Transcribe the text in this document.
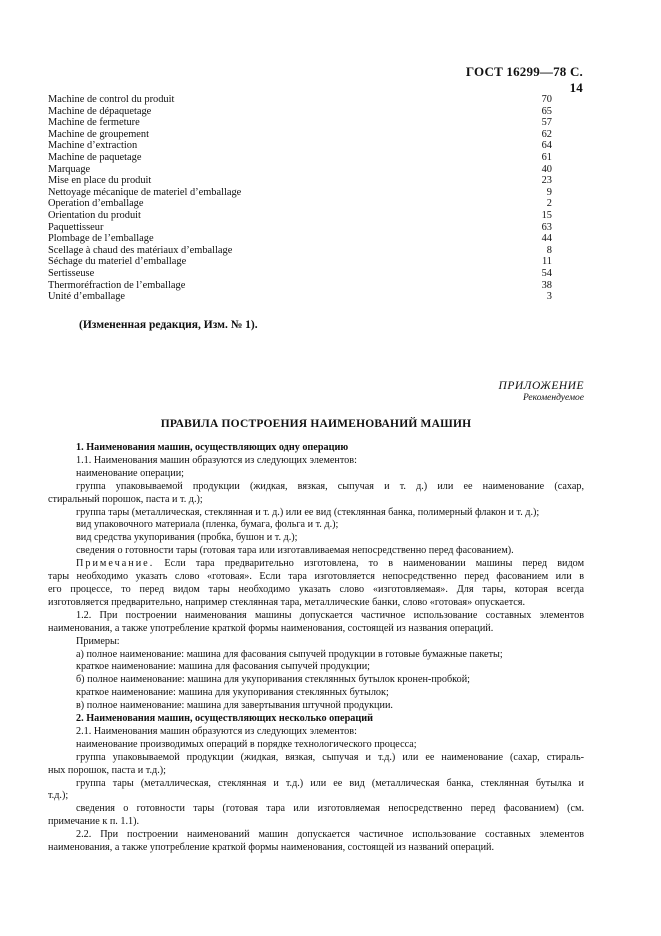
ГОСТ 16299—78 С. 14
Machine de control du produit	70
Machine de dépaquetage	65
Machine de fermeture	57
Machine de groupement	62
Machine d’extraction	64
Machine de paquetage	61
Marquage	40
Mise en place du produit	23
Nettoyage mécanique de materiel d’emballage	9
Operation d’emballage	2
Orientation du produit	15
Paquettisseur	63
Plombage de l’emballage	44
Scellage à chaud des matériaux d’emballage	8
Séchage du materiel d’emballage	11
Sertisseuse	54
Thermoréfraction de l’emballage	38
Unité d’emballage	3
(Измененная редакция, Изм. № 1).
ПРИЛОЖЕНИЕ
Рекомендуемое
ПРАВИЛА ПОСТРОЕНИЯ НАИМЕНОВАНИЙ МАШИН

1. Наименования машин, осуществляющих одну операцию

1.1. Наименования машин образуются из следующих элементов:

наименование операции;

группа упаковываемой продукции (жидкая, вязкая, сыпучая и т. д.) или ее наименование (сахар,

стиральный порошок, паста и т. д.);

группа тары (металлическая, стеклянная и т. д.) или ее вид (стеклянная банка, полимерный флакон и т. д.);

вид упаковочного материала (пленка, бумага, фольга и т. д.);

вид средства укупоривания (пробка, бушон и т. д.);

сведения о готовности тары (готовая тара или изготавливаемая непосредственно перед фасованием).

Примечание. Если тара предварительно изготовлена, то в наименовании машины перед видом

тары необходимо указать слово «готовая». Если тара изготовляется непосредственно перед фасованием или в

его процессе, то перед видом тары необходимо указать слово «изготовляемая». Для тары, которая всегда

изготовляется предварительно, например стеклянная тара, металлические банки, слово «готовая» опускается.

1.2. При построении наименования машины допускается частичное использование составных элементов

наименования, а также употребление краткой формы наименования, состоящей из названия операций.

Примеры:

а) полное наименование: машина для фасования сыпучей продукции в готовые бумажные пакеты;

краткое наименование: машина для фасования сыпучей продукции;

б) полное наименование: машина для укупоривания стеклянных бутылок кронен-пробкой;

краткое наименование: машина для укупоривания стеклянных бутылок;

в) полное наименование: машина для завертывания штучной продукции.

2. Наименования машин, осуществляющих несколько операций

2.1. Наименования машин образуются из следующих элементов:

наименование производимых операций в порядке технологического процесса;

группа упаковываемой продукции (жидкая, вязкая, сыпучая и т.д.) или ее наименование (сахар, стираль-

ных порошок, паста и т.д.);

группа тары (металлическая, стеклянная и т.д.) или ее вид (металлическая банка, стеклянная бутылка и

т.д.);

сведения о готовности тары (готовая тара или изготовляемая непосредственно перед фасованием) (см.

примечание к п. 1.1).

2.2. При построении наименований машин допускается частичное использование составных элементов

наименования, а также употребление краткой формы наименования, состоящей из названий операций.
